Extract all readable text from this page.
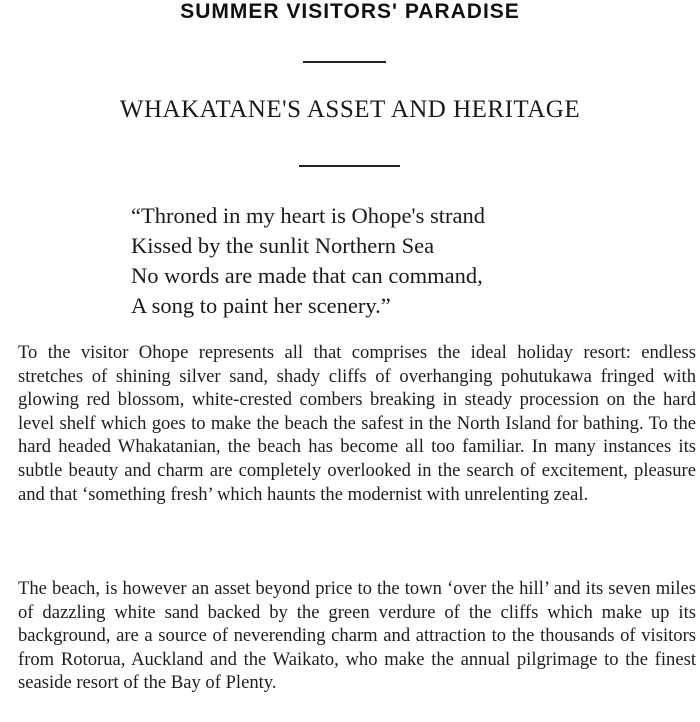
SUMMER VISITORS' PARADISE
WHAKATANE'S ASSET AND HERITAGE
“Throned in my heart is Ohope's strand
Kissed by the sunlit Northern Sea
No words are made that can command,
A song to paint her scenery.”
To the visitor Ohope represents all that comprises the ideal holiday resort: endless stretches of shining silver sand, shady cliffs of overhanging pohutukawa fringed with glowing red blossom, white-crested combers breaking in steady procession on the hard level shelf which goes to make the beach the safest in the North Island for bathing. To the hard headed Whakatanian, the beach has become all too familiar. In many instances its subtle beauty and charm are completely overlooked in the search of excitement, pleasure and that ‘something fresh’ which haunts the modernist with unrelenting zeal.
The beach, is however an asset beyond price to the town ‘over the hill’ and its seven miles of dazzling white sand backed by the green verdure of the cliffs which make up its background, are a source of neverending charm and attraction to the thousands of visitors from Rotorua, Auckland and the Waikato, who make the annual pilgrimage to the finest seaside resort of the Bay of Plenty.
